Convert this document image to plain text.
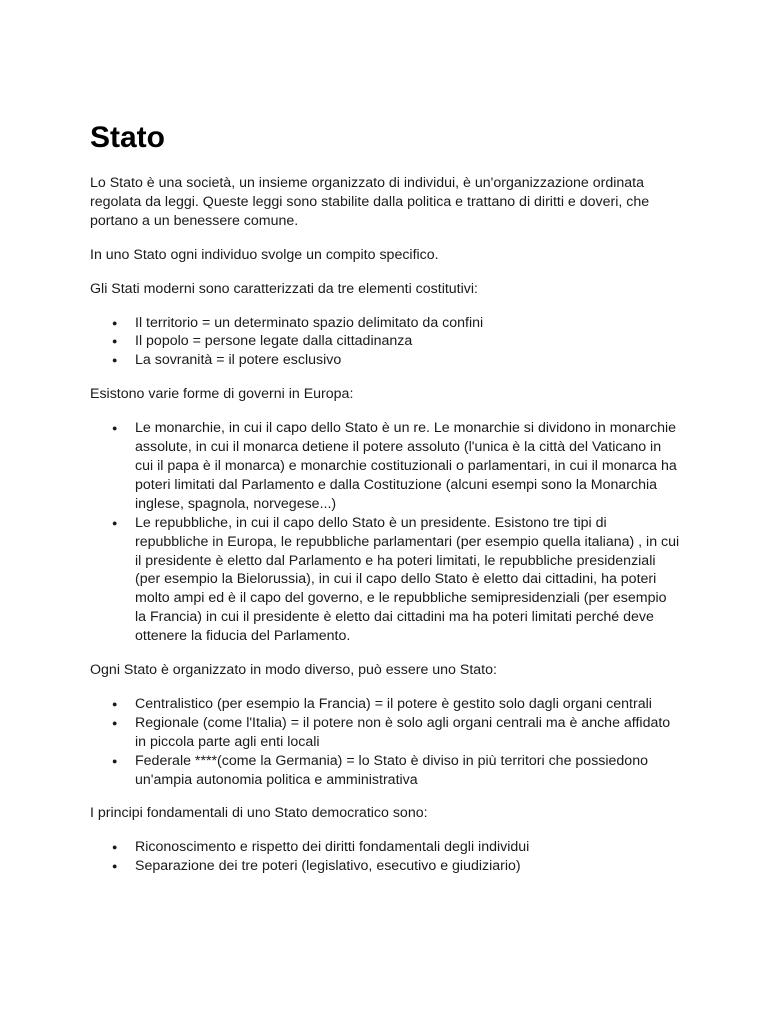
Stato

Lo Stato è una società, un insieme organizzato di individui, è un'organizzazione ordinata regolata da leggi. Queste leggi sono stabilite dalla politica e trattano di diritti e doveri, che portano a un benessere comune.

In uno Stato ogni individuo svolge un compito specifico.

Gli Stati moderni sono caratterizzati da tre elementi costitutivi:

● Il territorio = un determinato spazio delimitato da confini
● Il popolo = persone legate dalla cittadinanza
● La sovranità = il potere esclusivo

Esistono varie forme di governi in Europa:

● Le monarchie, in cui il capo dello Stato è un re. Le monarchie si dividono in monarchie assolute, in cui il monarca detiene il potere assoluto (l'unica è la città del Vaticano in cui il papa è il monarca) e monarchie costituzionali o parlamentari, in cui il monarca ha poteri limitati dal Parlamento e dalla Costituzione (alcuni esempi sono la Monarchia inglese, spagnola, norvegese...)
● Le repubbliche, in cui il capo dello Stato è un presidente. Esistono tre tipi di repubbliche in Europa, le repubbliche parlamentari (per esempio quella italiana) , in cui il presidente è eletto dal Parlamento e ha poteri limitati, le repubbliche presidenziali (per esempio la Bielorussia), in cui il capo dello Stato è eletto dai cittadini, ha poteri molto ampi ed è il capo del governo, e le repubbliche semipresidenziali (per esempio la Francia) in cui il presidente è eletto dai cittadini ma ha poteri limitati perché deve ottenere la fiducia del Parlamento.

Ogni Stato è organizzato in modo diverso, può essere uno Stato:

● Centralistico (per esempio la Francia) = il potere è gestito solo dagli organi centrali
● Regionale (come l'Italia) = il potere non è solo agli organi centrali ma è anche affidato in piccola parte agli enti locali
● Federale ****(come la Germania) = lo Stato è diviso in più territori che possiedono un'ampia autonomia politica e amministrativa

I principi fondamentali di uno Stato democratico sono:

● Riconoscimento e rispetto dei diritti fondamentali degli individui
● Separazione dei tre poteri (legislativo, esecutivo e giudiziario)
